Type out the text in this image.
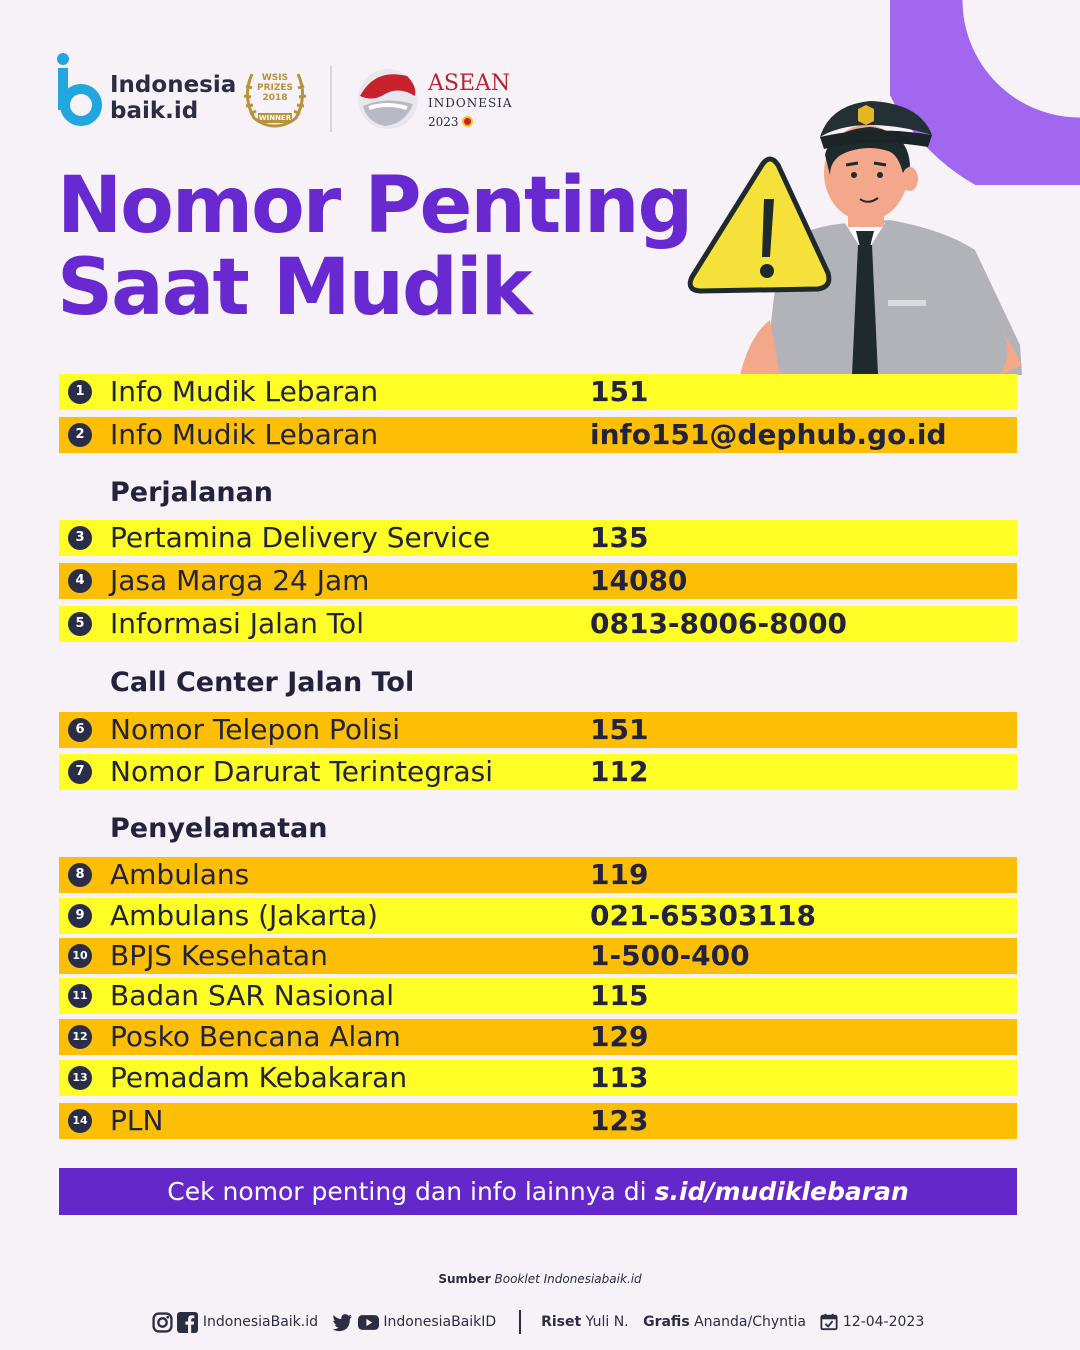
Indonesia
baik.id
WSIS PRIZES
2018
WINNER
ASEAN
INDONESIA
2023
Nomor Penting
Saat Mudik
1 Info Mudik Lebaran	151
2 Info Mudik Lebaran	info151@dephub.go.id
Perjalanan
3 Pertamina Delivery Service	135
4 Jasa Marga 24 Jam	14080
5 Informasi Jalan Tol	0813-8006-8000
Call Center Jalan Tol
6 Nomor Telepon Polisi	151
7 Nomor Darurat Terintegrasi	112
Penyelamatan
8 Ambulans	119
9 Ambulans (Jakarta)	021-65303118
10 BPJS Kesehatan	1-500-400
11 Badan SAR Nasional	115
12 Posko Bencana Alam	129
13 Pemadam Kebakaran	113
14 PLN	123
Cek nomor penting dan info lainnya di s.id/mudiklebaran
Sumber Booklet Indonesiabaik.id
IndonesiaBaik.id	IndonesiaBaikID	Riset Yuli N. Grafis Ananda/Chyntia	12-04-2023
